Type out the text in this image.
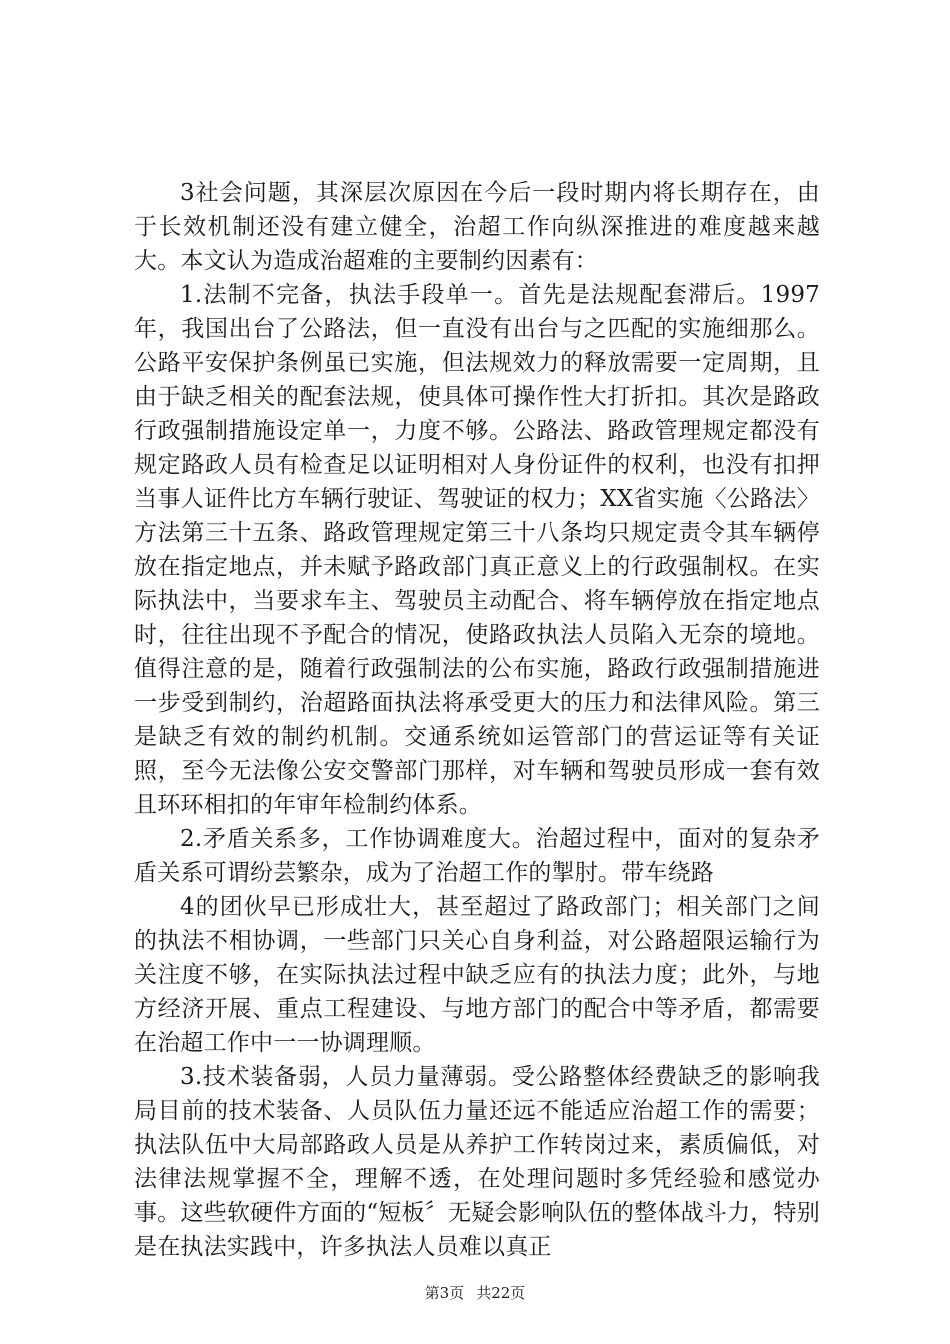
3社会问题，其深层次原因在今后一段时期内将长期存在，由于长效机制还没有建立健全，治超工作向纵深推进的难度越来越大。本文认为造成治超难的主要制约因素有：

1.法制不完备，执法手段单一。首先是法规配套滞后。1997年，我国出台了公路法，但一直没有出台与之匹配的实施细那么。公路平安保护条例虽已实施，但法规效力的释放需要一定周期，且由于缺乏相关的配套法规，使具体可操作性大打折扣。其次是路政行政强制措施设定单一，力度不够。公路法、路政管理规定都没有规定路政人员有检查足以证明相对人身份证件的权利，也没有扣押当事人证件比方车辆行驶证、驾驶证的权力；XX省实施〈公路法〉方法第三十五条、路政管理规定第三十八条均只规定责令其车辆停放在指定地点，并未赋予路政部门真正意义上的行政强制权。在实际执法中，当要求车主、驾驶员主动配合、将车辆停放在指定地点时，往往出现不予配合的情况，使路政执法人员陷入无奈的境地。值得注意的是，随着行政强制法的公布实施，路政行政强制措施进一步受到制约，治超路面执法将承受更大的压力和法律风险。第三是缺乏有效的制约机制。交通系统如运管部门的营运证等有关证照，至今无法像公安交警部门那样，对车辆和驾驶员形成一套有效且环环相扣的年审年检制约体系。

2.矛盾关系多，工作协调难度大。治超过程中，面对的复杂矛盾关系可谓纷芸繁杂，成为了治超工作的掣肘。带车绕路

4的团伙早已形成壮大，甚至超过了路政部门；相关部门之间的执法不相协调，一些部门只关心自身利益，对公路超限运输行为关注度不够，在实际执法过程中缺乏应有的执法力度；此外，与地方经济开展、重点工程建设、与地方部门的配合中等矛盾，都需要在治超工作中一一协调理顺。

3.技术装备弱，人员力量薄弱。受公路整体经费缺乏的影响我局目前的技术装备、人员队伍力量还远不能适应治超工作的需要；执法队伍中大局部路政人员是从养护工作转岗过来，素质偏低，对法律法规掌握不全，理解不透，在处理问题时多凭经验和感觉办事。这些软硬件方面的“短板〞无疑会影响队伍的整体战斗力，特别是在执法实践中，许多执法人员难以真正

第3页 共22页
